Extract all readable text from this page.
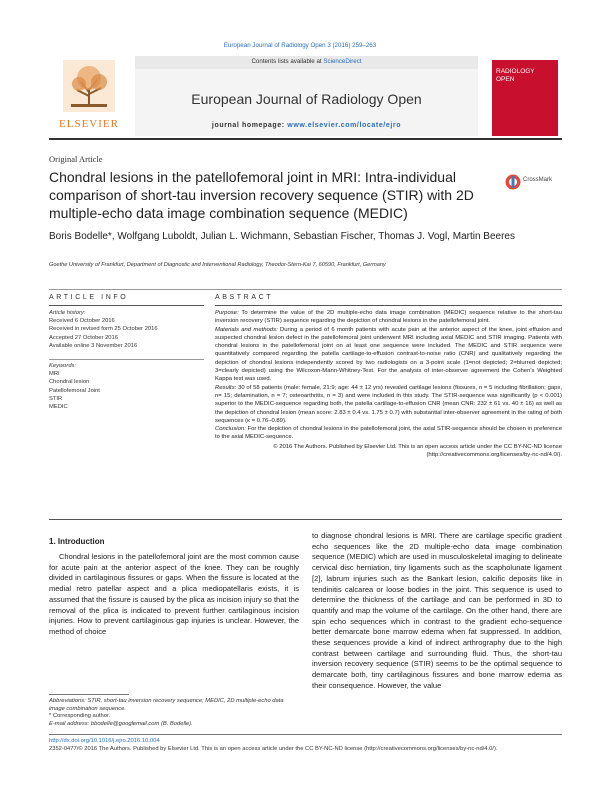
European Journal of Radiology Open 3 (2016) 259–263
ELSEVIER
Contents lists available at ScienceDirect
European Journal of Radiology Open
journal homepage: www.elsevier.com/locate/ejro
RADIOLOGY
OPEN
Original Article
Chondral lesions in the patellofemoral joint in MRI: Intra-individual comparison of short-tau inversion recovery sequence (STIR) with 2D multiple-echo data image combination sequence (MEDIC)
CrossMark
Boris Bodelle*, Wolfgang Luboldt, Julian L. Wichmann, Sebastian Fischer, Thomas J. Vogl, Martin Beeres
Goethe University of Frankfurt, Department of Diagnostic and Interventional Radiology, Theodor-Stern-Kai 7, 60590, Frankfurt, Germany
ARTICLE INFO
Article history:
Received 6 October 2016
Received in revised form 25 October 2016
Accepted 27 October 2016
Available online 3 November 2016
Keywords:
MRI
Chondral lesion
Patellofemoral Joint
STIR
MEDIC
ABSTRACT

Purpose: To determine the value of the 2D multiple-echo data image combination (MEDIC) sequence relative to the short-tau inversion recovery (STIR) sequence regarding the depiction of chondral lesions in the patellofemoral joint.

Materials and methods: During a period of 6 month patients with acute pain at the anterior aspect of the knee, joint effusion and suspected chondral lesion defect in the patellofemoral joint underwent MRI including axial MEDIC and STIR imaging. Patients with chondral lesions in the patellofemoral joint on at least one sequence were included. The MEDIC and STIR sequence were quantitatively compared regarding the patella cartilage-to-effusion contrast-to-noise ratio (CNR) and qualitatively regarding the depiction of chondral lesions independently scored by two radiologists on a 3-point scale (1=not depicted; 2=blurred depicted; 3=clearly depicted) using the Wilcoxon-Mann-Whitney-Test. For the analysis of inter-observer agreement the Cohen's Weighted Kappa test was used.

Results: 30 of 58 patients (male: female, 21:9; age: 44 ± 12 yrs) revealed cartilage lesions (fissures, n = 5 including fibrillation; gaps, n= 15; delamination, n = 7; osteoarthritis, n = 3) and were included in this study. The STIR-sequence was significantly (p < 0.001) superior to the MEDIC-sequence regarding both, the patella cartilage-to-effusion CNR (mean CNR: 232 ± 61 vs. 40 ± 16) as well as the depiction of chondral lesion (mean score: 2.83 ± 0.4 vs. 1.75 ± 0.7) with substantial inter-observer agreement in the rating of both sequences (κ = 0.76–0.89).

Conclusion: For the depiction of chondral lesions in the patellofemoral joint, the axial STIR-sequence should be chosen in preference to the axial MEDIC-sequence.

© 2016 The Authors. Published by Elsevier Ltd. This is an open access article under the CC BY-NC-ND license (http://creativecommons.org/licenses/by-nc-nd/4.0/).

1. Introduction

Chondral lesions in the patellofemoral joint are the most common cause for acute pain at the anterior aspect of the knee. They can be roughly divided in cartilaginous fissures or gaps. When the fissure is located at the medial retro patellar aspect and a plica mediopatellaris exists, it is assumed that the fissure is caused by the plica as incision injury so that the removal of the plica is indicated to prevent further cartilaginous incision injuries. How to prevent cartilaginous gap injuries is unclear. However, the method of choice

to diagnose chondral lesions is MRI. There are cartilage specific gradient echo sequences like the 2D multiple-echo data image combination sequence (MEDIC) which are used in musculoskeletal imaging to delineate cervical disc herniation, tiny ligaments such as the scapholunate ligament [2], labrum injuries such as the Bankart lesion, calcific deposits like in tendinitis calcarea or loose bodies in the joint. This sequence is used to determine the thickness of the cartilage and can be performed in 3D to quantify and map the volume of the cartilage. On the other hand, there are spin echo sequences which in contrast to the gradient echo-sequence better demarcate bone marrow edema when fat suppressed. In addition, these sequences provide a kind of indirect arthrography due to the high contrast between cartilage and surrounding fluid. Thus, the short-tau inversion recovery sequence (STIR) seems to be the optimal sequence to demarcate both, tiny cartilaginous fissures and bone marrow edema as their consequence. However, the value

Abbreviations: STIR, short-tau inversion recovery sequence; MEDIC, 2D multiple-echo data image combination sequence.
* Corresponding author.
E-mail address: bbodelle@googlemail.com (B. Bodelle).
http://dx.doi.org/10.1016/j.ejro.2016.10.004
2352-0477/© 2016 The Authors. Published by Elsevier Ltd. This is an open access article under the CC BY-NC-ND license (http://creativecommons.org/licenses/by-nc-nd/4.0/).
